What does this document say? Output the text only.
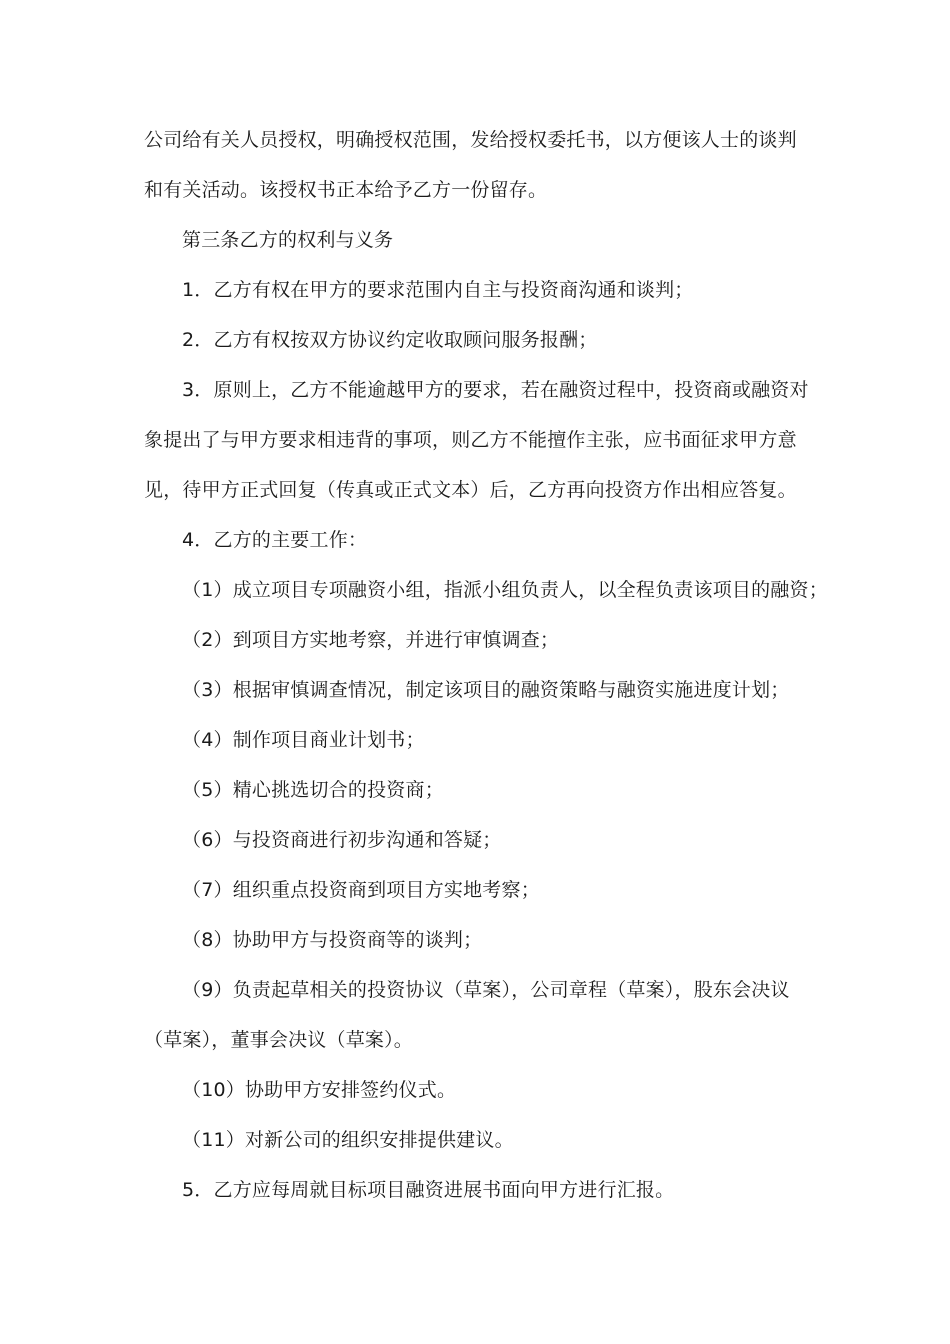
公司给有关人员授权，明确授权范围，发给授权委托书，以方便该人士的谈判
和有关活动。该授权书正本给予乙方一份留存。
第三条乙方的权利与义务
1．乙方有权在甲方的要求范围内自主与投资商沟通和谈判；
2．乙方有权按双方协议约定收取顾问服务报酬；
3．原则上，乙方不能逾越甲方的要求，若在融资过程中，投资商或融资对
象提出了与甲方要求相违背的事项，则乙方不能擅作主张，应书面征求甲方意
见，待甲方正式回复（传真或正式文本）后，乙方再向投资方作出相应答复。
4．乙方的主要工作：
（1）成立项目专项融资小组，指派小组负责人，以全程负责该项目的融资；
（2）到项目方实地考察，并进行审慎调查；
（3）根据审慎调查情况，制定该项目的融资策略与融资实施进度计划；
（4）制作项目商业计划书；
（5）精心挑选切合的投资商；
（6）与投资商进行初步沟通和答疑；
（7）组织重点投资商到项目方实地考察；
（8）协助甲方与投资商等的谈判；
（9）负责起草相关的投资协议（草案），公司章程（草案），股东会决议
（草案），董事会决议（草案）。
（10）协助甲方安排签约仪式。
（11）对新公司的组织安排提供建议。
5．乙方应每周就目标项目融资进展书面向甲方进行汇报。
